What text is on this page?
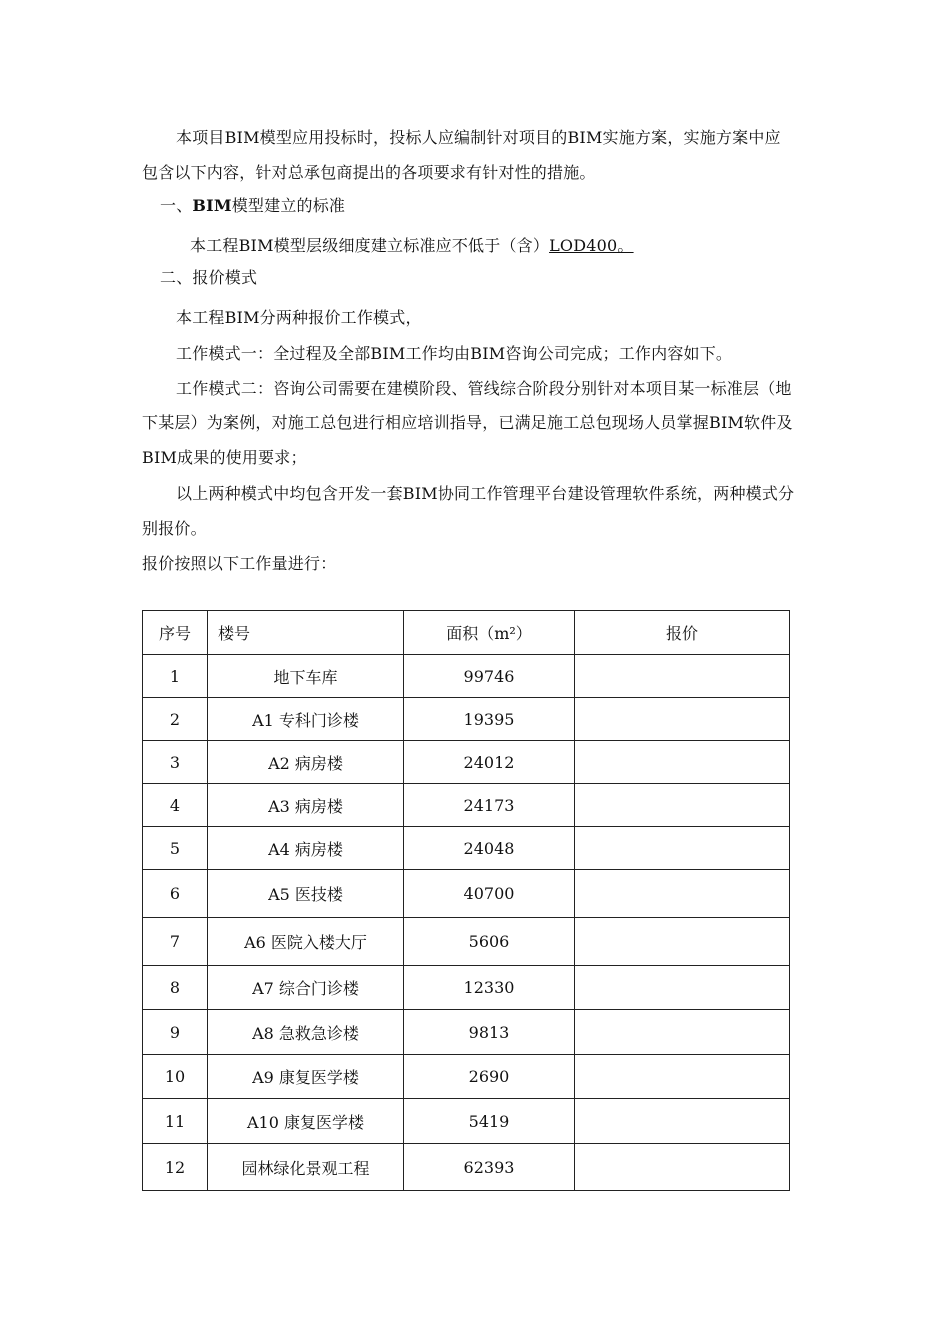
本项目BIM模型应用投标时，投标人应编制针对项目的BIM实施方案，实施方案中应
包含以下内容，针对总承包商提出的各项要求有针对性的措施。
一、BIM模型建立的标准
本工程BIM模型层级细度建立标准应不低于（含）LOD400。
二、报价模式
本工程BIM分两种报价工作模式，
工作模式一：全过程及全部BIM工作均由BIM咨询公司完成；工作内容如下。
工作模式二：咨询公司需要在建模阶段、管线综合阶段分别针对本项目某一标准层（地
下某层）为案例，对施工总包进行相应培训指导，已满足施工总包现场人员掌握BIM软件及
BIM成果的使用要求；
以上两种模式中均包含开发一套BIM协同工作管理平台建设管理软件系统，两种模式分
别报价。
报价按照以下工作量进行：
序号	楼号	面积（m²）	报价
1	地下车库	99746	
2	A1 专科门诊楼	19395	
3	A2 病房楼	24012	
4	A3 病房楼	24173	
5	A4 病房楼	24048	
6	A5 医技楼	40700	
7	A6 医院入楼大厅	5606	
8	A7 综合门诊楼	12330	
9	A8 急救急诊楼	9813	
10	A9 康复医学楼	2690	
11	A10 康复医学楼	5419	
12	园林绿化景观工程	62393	
